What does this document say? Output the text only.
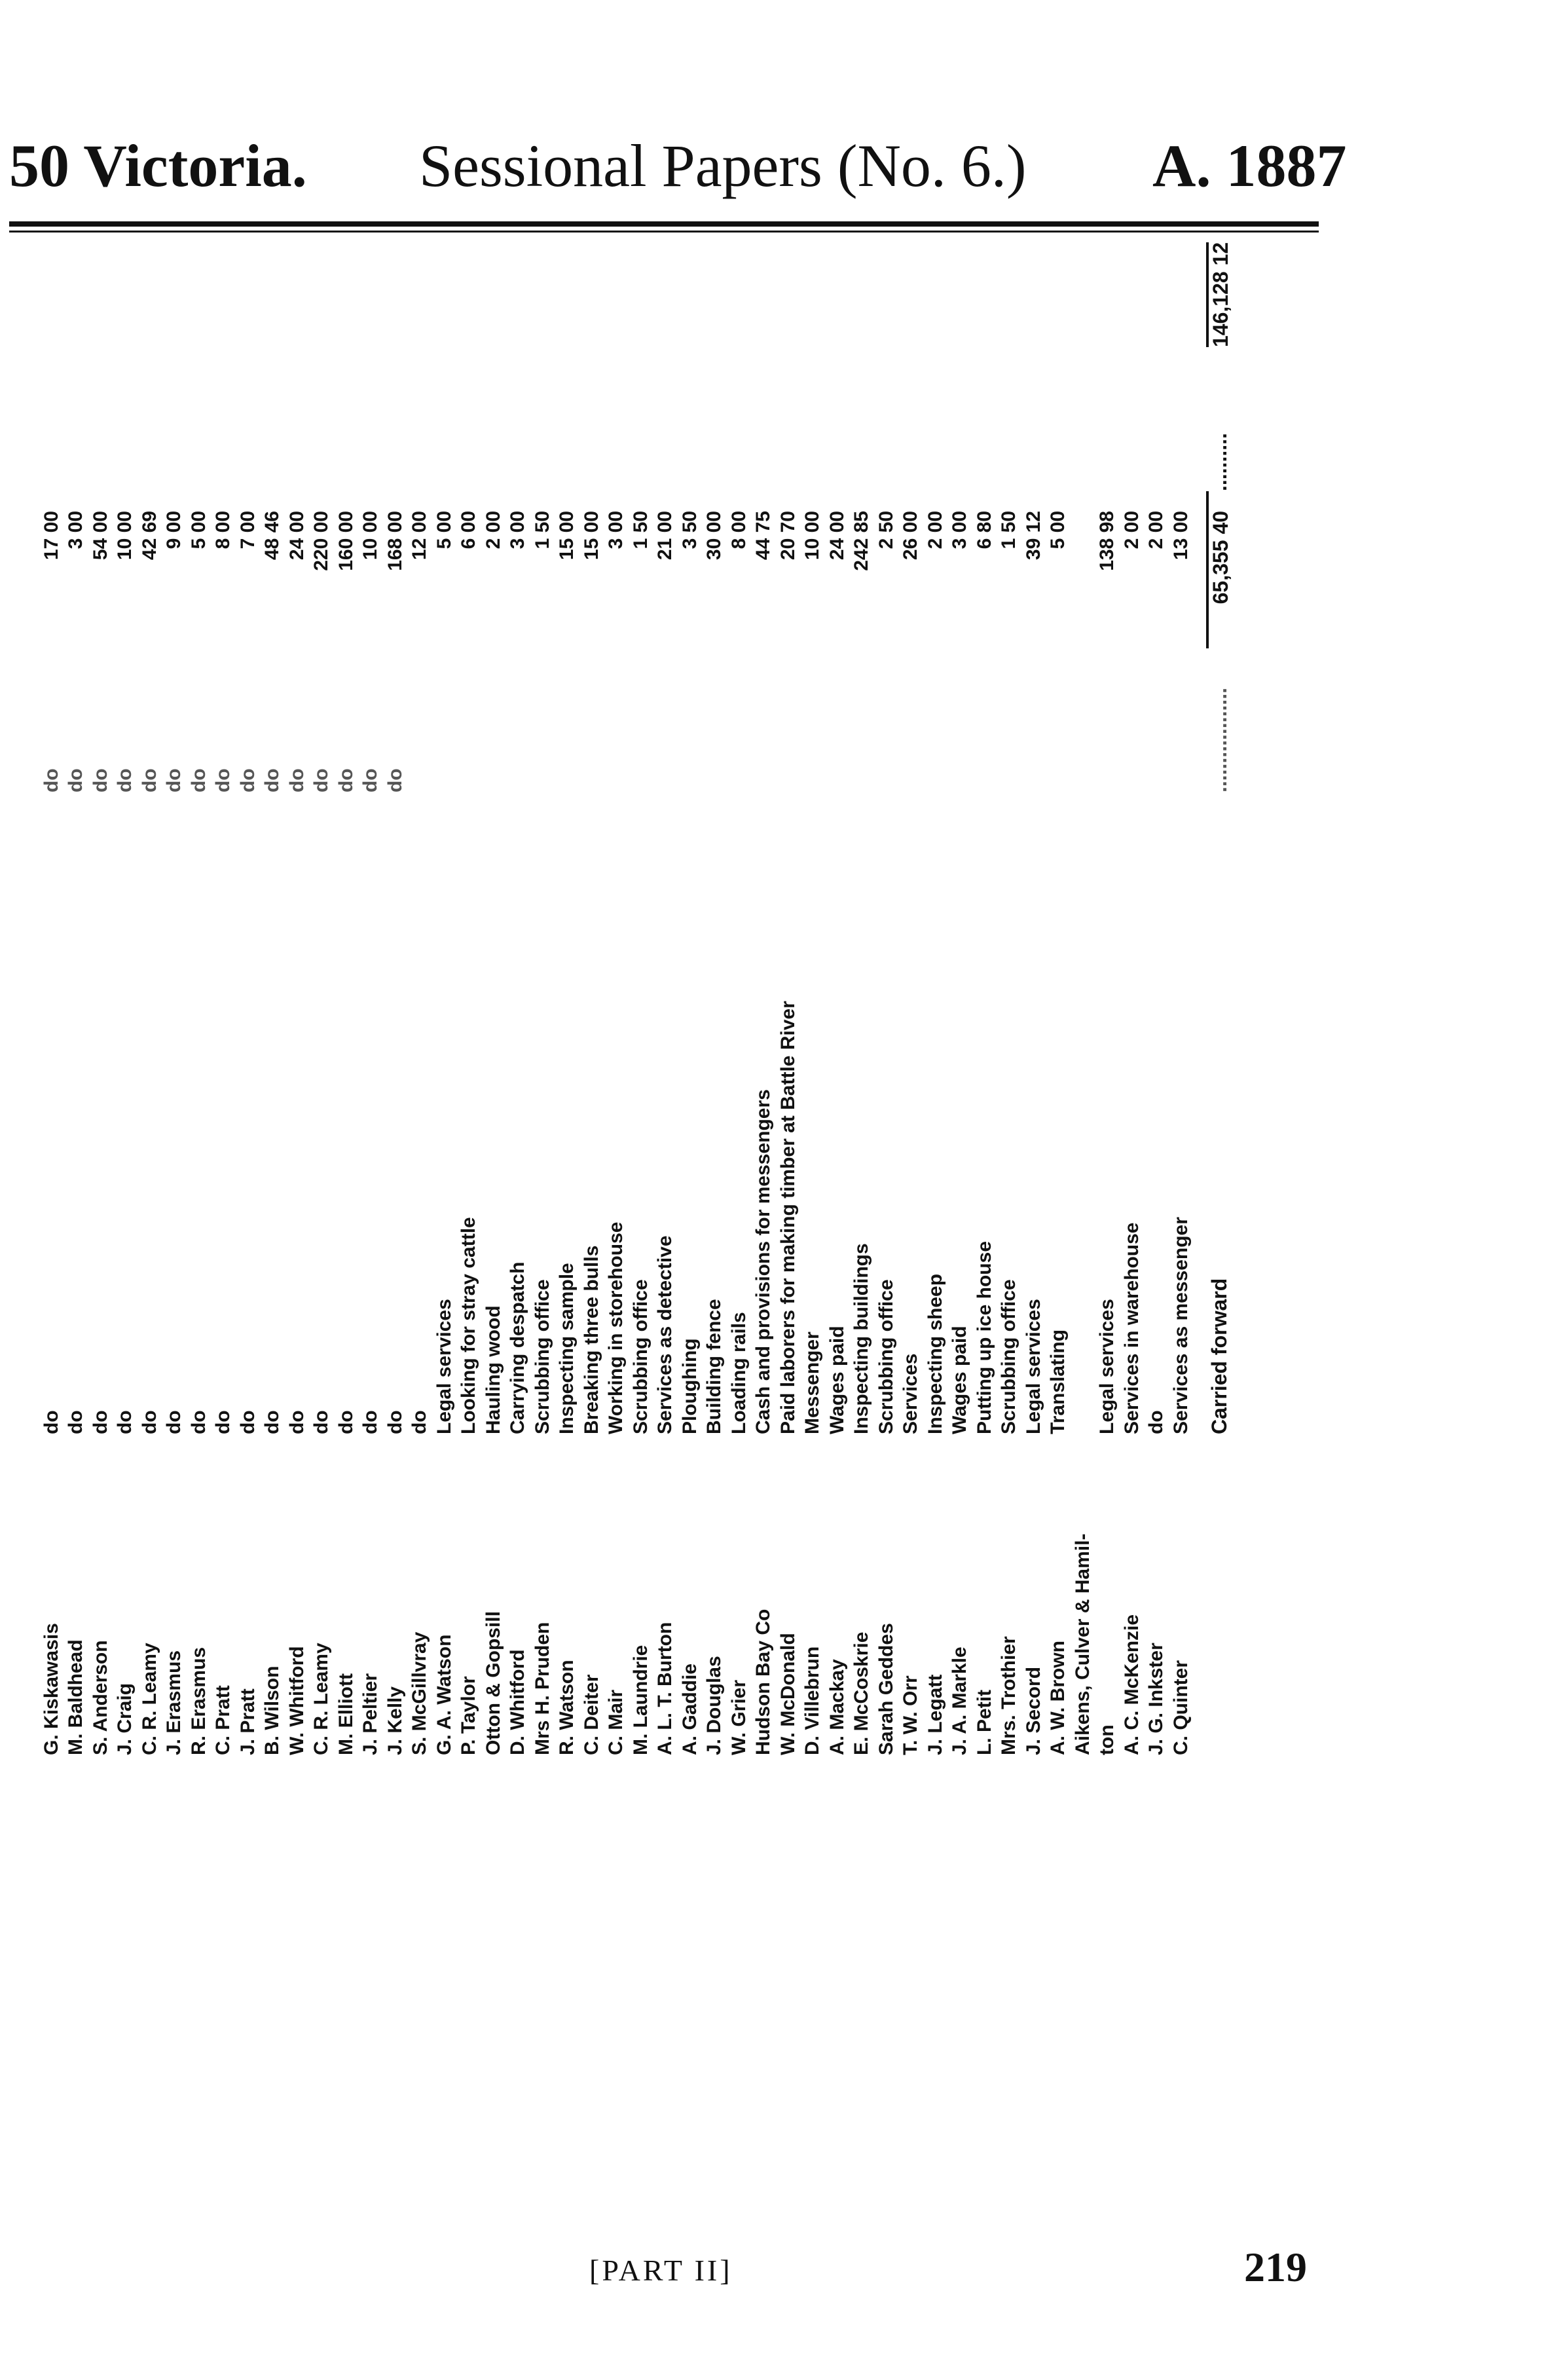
50 Victoria. Sessional Papers (No. 6.) A. 1887
G. Kiskawasis
do
do
17 00
M. Baldhead
do
do
3 00
S. Anderson
do
do
54 00
J. Craig
do
do
10 00
C. R. Leamy
do
do
42 69
J. Erasmus
do
do
9 00
R. Erasmus
do
do
5 00
C. Pratt
do
do
8 00
J. Pratt
do
do
7 00
B. Wilson
do
do
48 46
W. Whitford
do
do
24 00
C. R. Leamy
do
do
220 00
M. Elliott
do
do
160 00
J. Peltier
do
do
10 00
J. Kelly
do
do
168 00
S. McGillvray
do
12 00
G. A. Watson
Legal services
5 00
P. Taylor
Looking for stray cattle
6 00
Otton & Gopsill
Hauling wood
2 00
D. Whitford
Carrying despatch
3 00
Mrs H. Pruden
Scrubbing office
1 50
R. Watson
Inspecting sample
15 00
C. Deiter
Breaking three bulls
15 00
C. Mair
Working in storehouse
3 00
M. Laundrie
Scrubbing office
1 50
A. L. T. Burton
Services as detective
21 00
A. Gaddie
Ploughing
3 50
J. Douglas
Building fence
30 00
W. Grier
Loading rails
8 00
Hudson Bay Co
Cash and provisions for messengers
44 75
W. McDonald
Paid laborers for making timber at Battle River
20 70
D. Villebrun
Messenger
10 00
A. Mackay
Wages paid
24 00
E. McCoskrie
Inspecting buildings
242 85
Sarah Geddes
Scrubbing office
2 50
T. W. Orr
Services
26 00
J. Legatt
Inspecting sheep
2 00
J. A. Markle
Wages paid
3 00
L. Petit
Putting up ice house
6 80
Mrs. Trothier
Scrubbing office
1 50
J. Secord
Legal services
39 12
A. W. Brown
Translating
5 00
Aikens, Culver & Hamil- ton
Legal services
138 98
A. C. McKenzie
Services in warehouse
2 00
J. G. Inkster
do
2 00
C. Quinter
Services as messenger
13 00
Carried forward
..................
65,355 40
..........
146,128 12
[PART II]	219
